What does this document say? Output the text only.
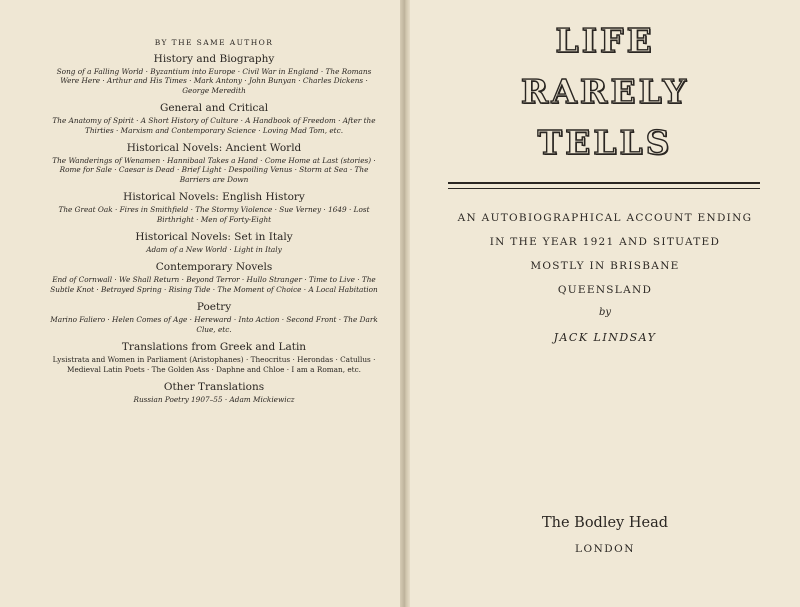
BY THE SAME AUTHOR
History and Biography
Song of a Falling World · Byzantium into Europe · Civil War in England · The Romans Were Here · Arthur and His Times · Mark Antony · John Bunyan · Charles Dickens · George Meredith
General and Critical
The Anatomy of Spirit · A Short History of Culture · A Handbook of Freedom · After the Thirties · Marxism and Contemporary Science · Loving Mad Tom, etc.
Historical Novels: Ancient World
The Wanderings of Wenamen · Hannibaal Takes a Hand · Come Home at Last (stories) · Rome for Sale · Caesar is Dead · Brief Light · Despoiling Venus · Storm at Sea · The Barriers are Down
Historical Novels: English History
The Great Oak · Fires in Smithfield · The Stormy Violence · Sue Verney · 1649 · Lost Birthright · Men of Forty-Eight
Historical Novels: Set in Italy
Adam of a New World · Light in Italy
Contemporary Novels
End of Cornwall · We Shall Return · Beyond Terror · Hullo Stranger · Time to Live · The Subtle Knot · Betrayed Spring · Rising Tide · The Moment of Choice · A Local Habitation
Poetry
Marino Faliero · Helen Comes of Age · Hereward · Into Action · Second Front · The Dark Clue, etc.
Translations from Greek and Latin
Lysistrata and Women in Parliament (Aristophanes) · Theocritus · Herondas · Catullus · Medieval Latin Poets · The Golden Ass · Daphne and Chloe · I am a Roman, etc.
Other Translations
Russian Poetry 1907–55 · Adam Mickiewicz
LIFE
RARELY
TELLS
AN AUTOBIOGRAPHICAL ACCOUNT ENDING
IN THE YEAR 1921 AND SITUATED
MOSTLY IN BRISBANE
QUEENSLAND
by
JACK LINDSAY
The Bodley Head
LONDON
